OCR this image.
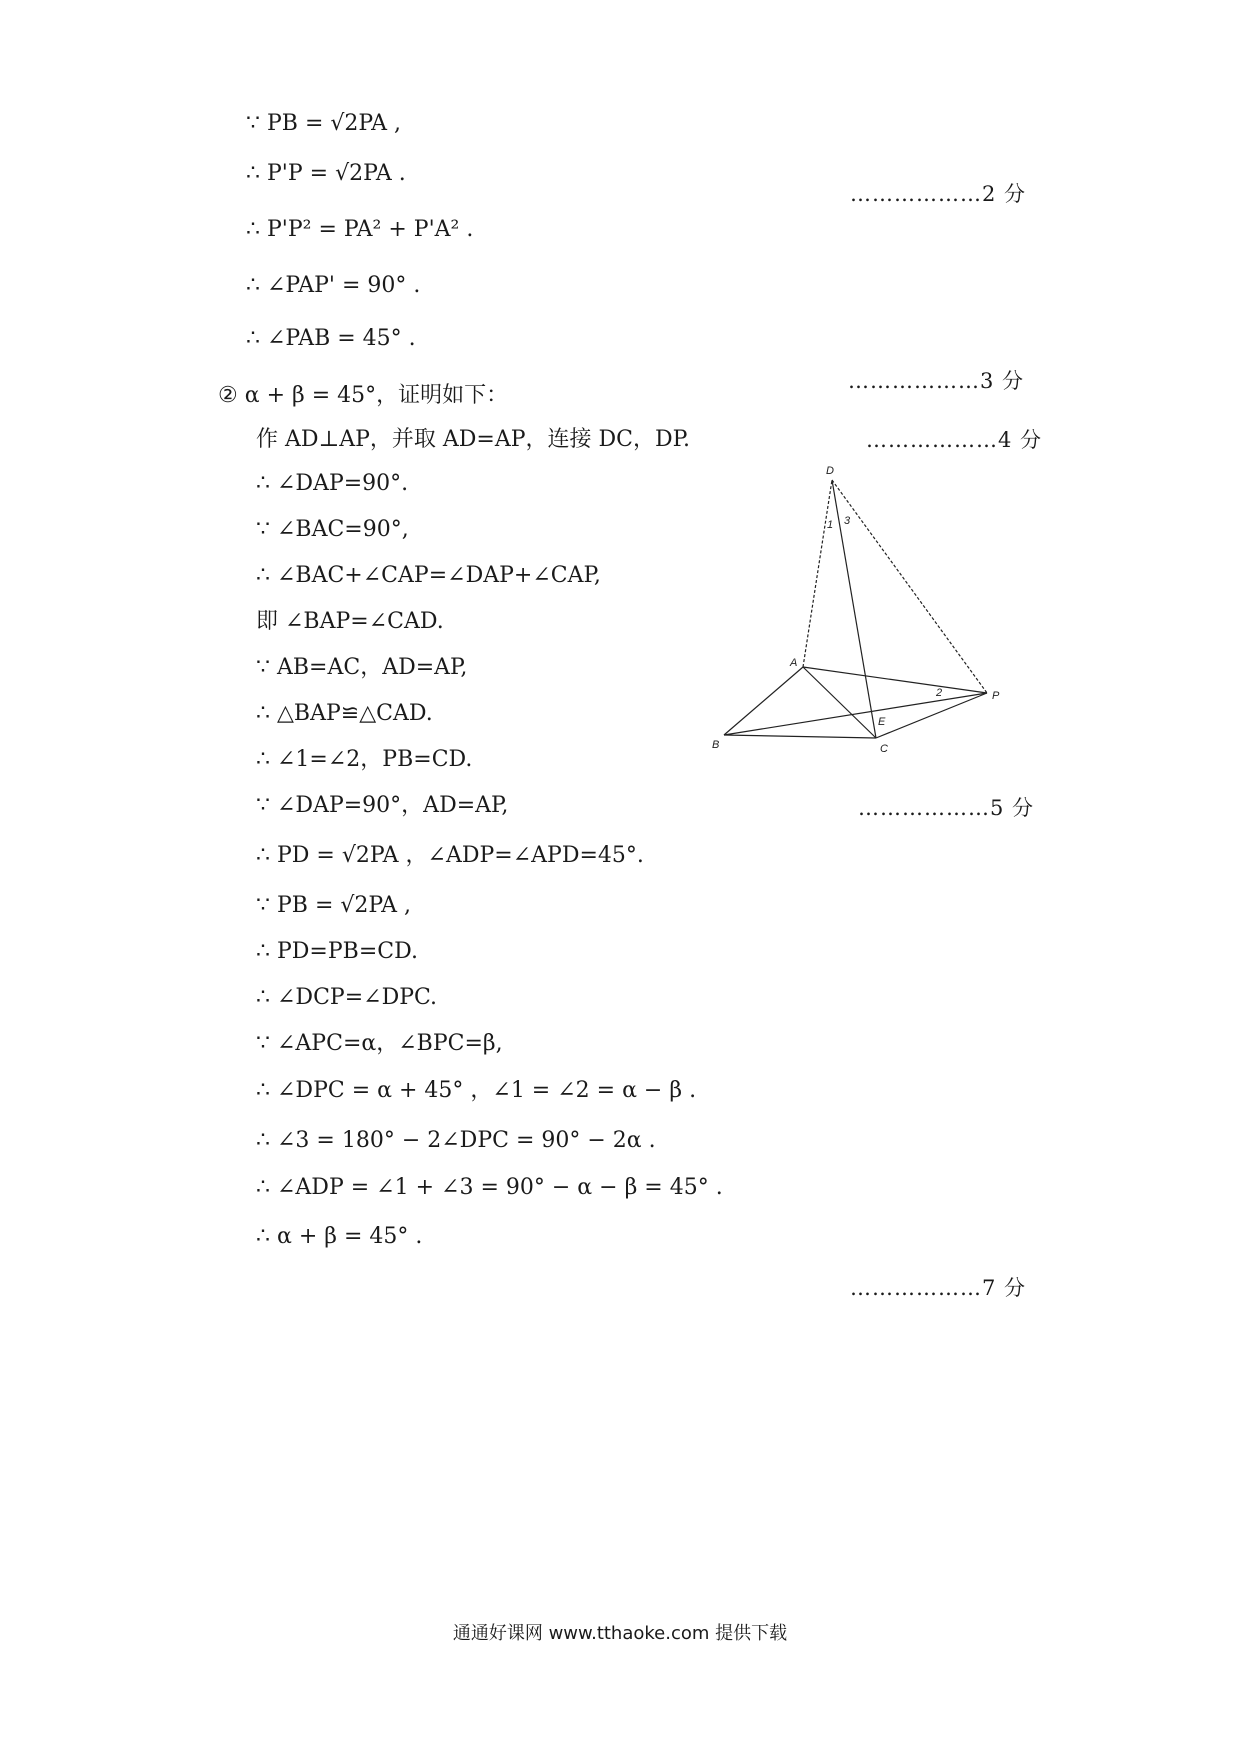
∵ PB = √2PA ,
∴ P'P = √2PA .
∴ P'P² = PA² + P'A² .
∴ ∠PAP' = 90° .
∴ ∠PAB = 45° .
② α + β = 45°，证明如下：
作 AD⊥AP，并取 AD=AP，连接 DC，DP.
∴ ∠DAP=90°.
∵ ∠BAC=90°,
∴ ∠BAC+∠CAP=∠DAP+∠CAP,
即 ∠BAP=∠CAD.
∵ AB=AC，AD=AP,
∴ △BAP≌△CAD.
∴ ∠1=∠2，PB=CD.
∵ ∠DAP=90°，AD=AP,
∴ PD = √2PA ，∠ADP=∠APD=45°.
∵ PB = √2PA ,
∴ PD=PB=CD.
∴ ∠DCP=∠DPC.
∵ ∠APC=α，∠BPC=β,
∴ ∠DPC = α + 45° ，∠1 = ∠2 = α − β .
∴ ∠3 = 180° − 2∠DPC = 90° − 2α .
∴ ∠ADP = ∠1 + ∠3 = 90° − α − β = 45° .
∴ α + β = 45° .
………………2 分
………………3 分
………………4 分
………………5 分
………………7 分
D
A
B	C
E
P
1 3
2
通通好课网 www.tthaoke.com 提供下载
